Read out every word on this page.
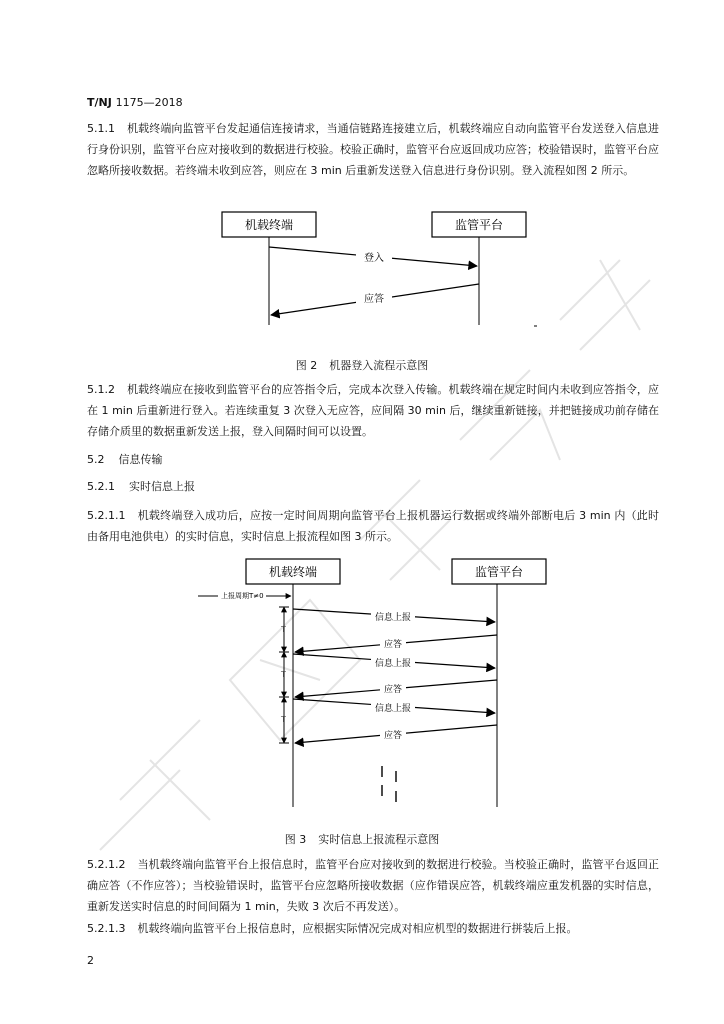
T/NJ 1175—2018
5.1.1 机载终端向监管平台发起通信连接请求，当通信链路连接建立后，机载终端应自动向监管平台发送登入信息进行身份识别，监管平台应对接收到的数据进行校验。校验正确时，监管平台应返回成功应答；校验错误时，监管平台应忽略所接收数据。若终端未收到应答，则应在 3 min 后重新发送登入信息进行身份识别。登入流程如图 2 所示。
机载终端	监管平台
登入
应答
图 2 机器登入流程示意图
5.1.2 机载终端应在接收到监管平台的应答指令后，完成本次登入传输。机载终端在规定时间内未收到应答指令，应在 1 min 后重新进行登入。若连续重复 3 次登入无应答，应间隔 30 min 后，继续重新链接，并把链接成功前存储在存储介质里的数据重新发送上报，登入间隔时间可以设置。
5.2 信息传输
5.2.1 实时信息上报
5.2.1.1 机载终端登入成功后，应按一定时间周期向监管平台上报机器运行数据或终端外部断电后 3 min 内（此时由备用电池供电）的实时信息，实时信息上报流程如图 3 所示。
机载终端	监管平台
上报周期T≠0
T
T
T
信息上报
应答
信息上报
应答
信息上报
应答
图 3 实时信息上报流程示意图
5.2.1.2 当机载终端向监管平台上报信息时，监管平台应对接收到的数据进行校验。当校验正确时，监管平台返回正确应答（不作应答）；当校验错误时，监管平台应忽略所接收数据（应作错误应答，机载终端应重发机器的实时信息，重新发送实时信息的时间间隔为 1 min，失败 3 次后不再发送）。
5.2.1.3 机载终端向监管平台上报信息时，应根据实际情况完成对相应机型的数据进行拼装后上报。
2
